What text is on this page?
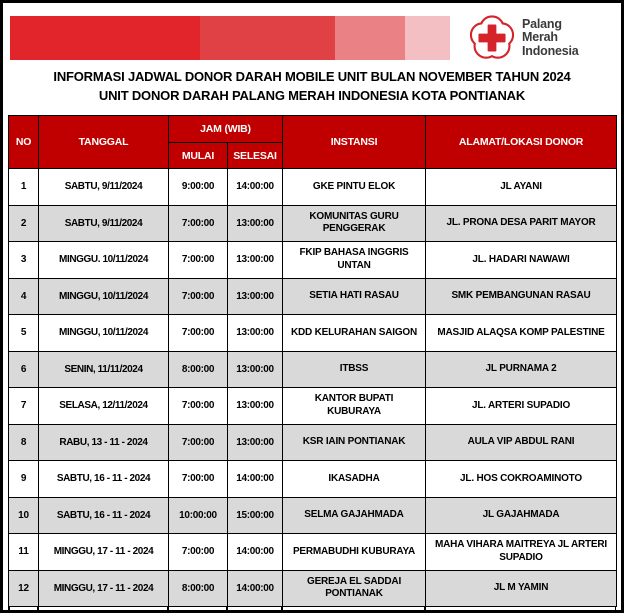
Palang
Merah
Indonesia
INFORMASI JADWAL DONOR DARAH MOBILE UNIT BULAN NOVEMBER TAHUN 2024
UNIT DONOR DARAH PALANG MERAH INDONESIA KOTA PONTIANAK
NO	TANGGAL	JAM (WIB)		INSTANSI	ALAMAT/LOKASI DONOR
		MULAI	SELESAI		
1	SABTU, 9/11/2024	9:00:00	14:00:00	GKE PINTU ELOK	JL AYANI
2	SABTU, 9/11/2024	7:00:00	13:00:00	KOMUNITAS GURU PENGGERAK	JL. PRONA DESA PARIT MAYOR
3	MINGGU. 10/11/2024	7:00:00	13:00:00	FKIP BAHASA INGGRIS UNTAN	JL. HADARI NAWAWI
4	MINGGU, 10/11/2024	7:00:00	13:00:00	SETIA HATI RASAU	SMK PEMBANGUNAN RASAU
5	MINGGU, 10/11/2024	7:00:00	13:00:00	KDD KELURAHAN SAIGON	MASJID ALAQSA KOMP PALESTINE
6	SENIN, 11/11/2024	8:00:00	13:00:00	ITBSS	JL PURNAMA 2
7	SELASA, 12/11/2024	7:00:00	13:00:00	KANTOR BUPATI KUBURAYA	JL. ARTERI SUPADIO
8	RABU, 13 - 11 - 2024	7:00:00	13:00:00	KSR IAIN PONTIANAK	AULA VIP ABDUL RANI
9	SABTU, 16 - 11 - 2024	7:00:00	14:00:00	IKASADHA	JL. HOS COKROAMINOTO
10	SABTU, 16 - 11 - 2024	10:00:00	15:00:00	SELMA GAJAHMADA	JL GAJAHMADA
11	MINGGU, 17 - 11 - 2024	7:00:00	14:00:00	PERMABUDHI KUBURAYA	MAHA VIHARA MAITREYA JL ARTERI SUPADIO
12	MINGGU, 17 - 11 - 2024	8:00:00	14:00:00	GEREJA EL SADDAI PONTIANAK	JL M YAMIN
